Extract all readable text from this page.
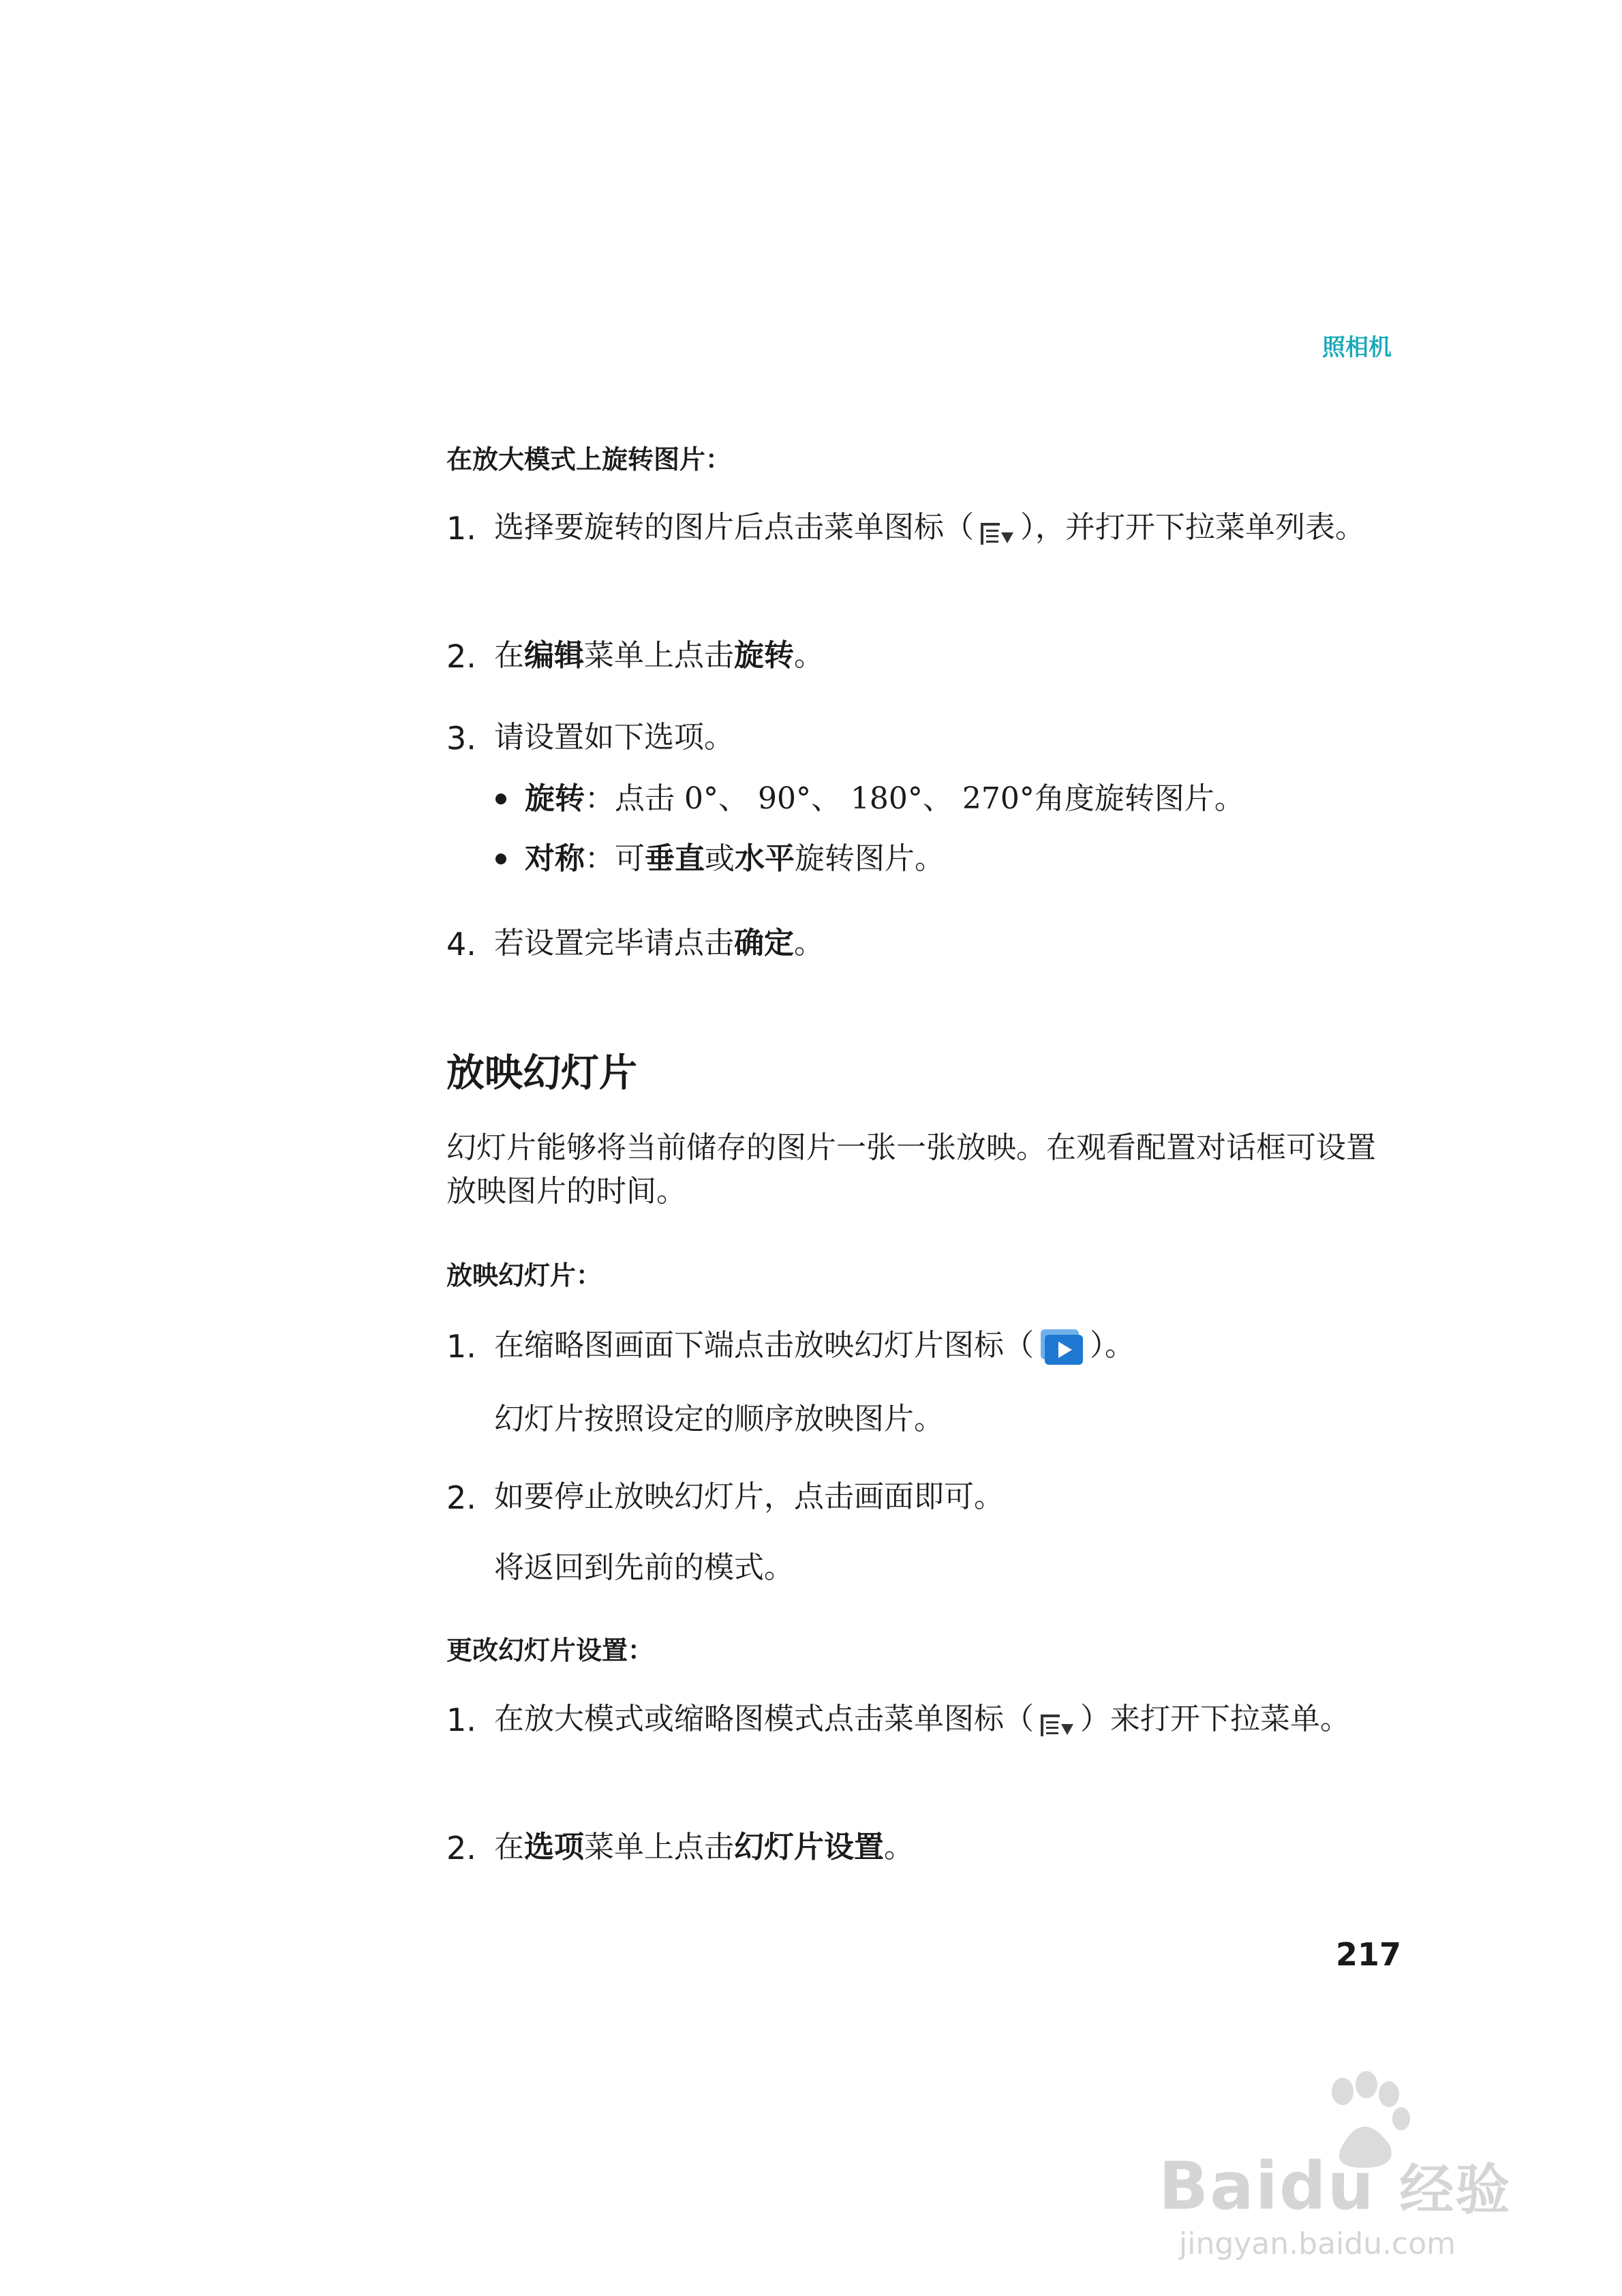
照相机
在放大模式上旋转图片：
1. 选择要旋转的图片后点击菜单图标（ ），并打开下拉菜单列表。
2. 在编辑菜单上点击旋转。
3. 请设置如下选项。
旋转：点击 0°、 90°、 180°、 270°角度旋转图片。
对称：可垂直或水平旋转图片。
4. 若设置完毕请点击确定。
放映幻灯片
幻灯片能够将当前储存的图片一张一张放映。在观看配置对话框可设置放映图片的时间。
放映幻灯片：
1. 在缩略图画面下端点击放映幻灯片图标（ ）。
幻灯片按照设定的顺序放映图片。
2. 如要停止放映幻灯片，点击画面即可。
将返回到先前的模式。
更改幻灯片设置：
1. 在放大模式或缩略图模式点击菜单图标（ ）来打开下拉菜单。
2. 在选项菜单上点击幻灯片设置。
217
Baidu 经验
jingyan.baidu.com
